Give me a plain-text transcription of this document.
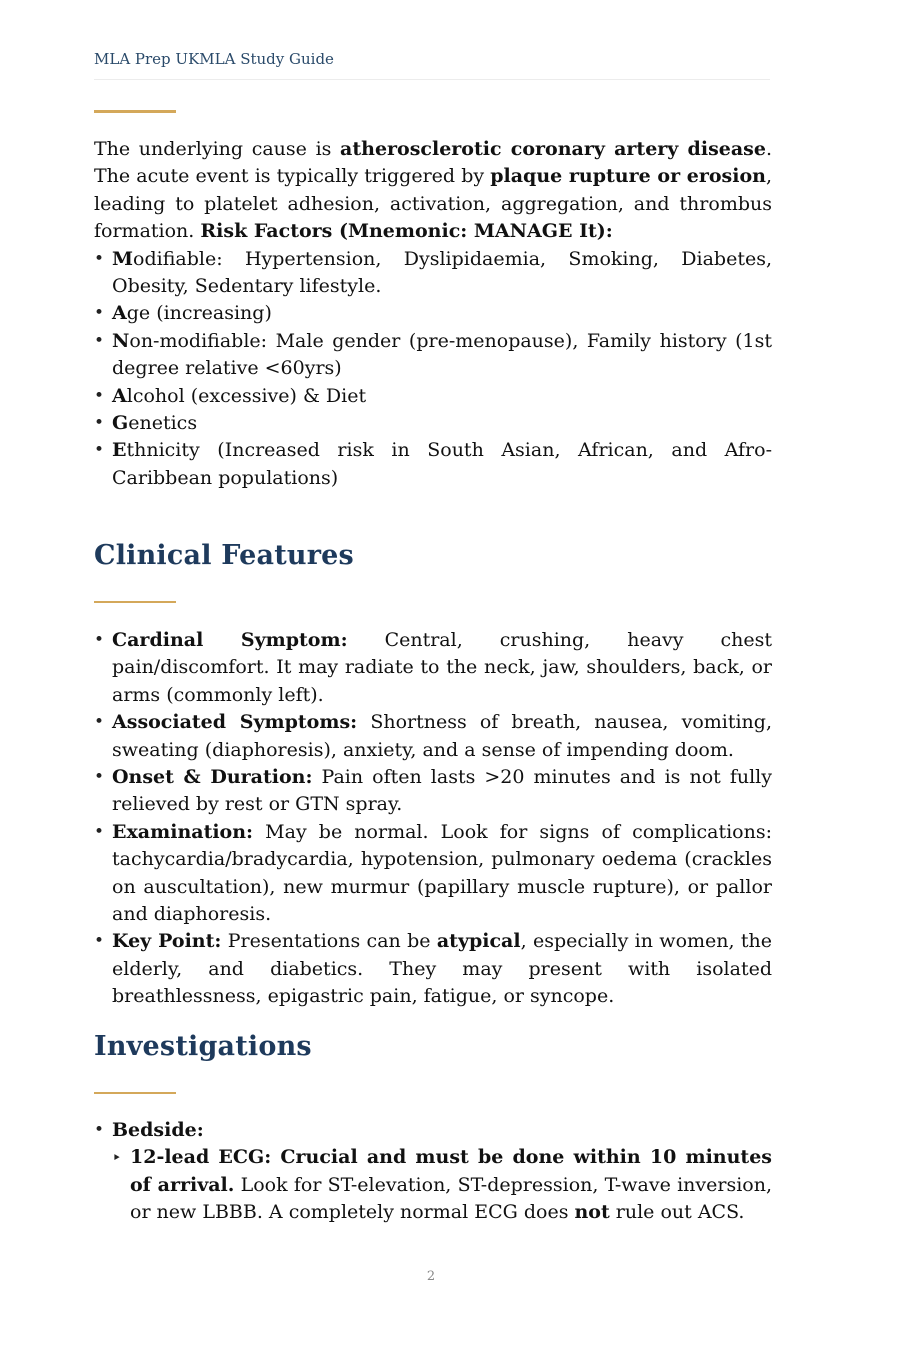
MLA Prep UKMLA Study Guide
The underlying cause is atherosclerotic coronary artery disease. The acute event is typically triggered by plaque rupture or erosion, leading to platelet adhesion, activation, aggregation, and thrombus formation. Risk Factors (Mnemonic: MANAGE It):
• Modifiable: Hypertension, Dyslipidaemia, Smoking, Diabetes, Obesity, Sedentary lifestyle.
• Age (increasing)
• Non-modifiable: Male gender (pre-menopause), Family history (1st degree relative <60yrs)
• Alcohol (excessive) & Diet
• Genetics
• Ethnicity (Increased risk in South Asian, African, and Afro-Caribbean populations)
Clinical Features
• Cardinal Symptom: Central, crushing, heavy chest pain/discomfort. It may radiate to the neck, jaw, shoulders, back, or arms (commonly left).
• Associated Symptoms: Shortness of breath, nausea, vomiting, sweating (diaphoresis), anxiety, and a sense of impending doom.
• Onset & Duration: Pain often lasts >20 minutes and is not fully relieved by rest or GTN spray.
• Examination: May be normal. Look for signs of complications: tachycardia/bradycardia, hypotension, pulmonary oedema (crackles on auscultation), new murmur (papillary muscle rupture), or pallor and diaphoresis.
• Key Point: Presentations can be atypical, especially in women, the elderly, and diabetics. They may present with isolated breathlessness, epigastric pain, fatigue, or syncope.
Investigations
• Bedside:
‣ 12-lead ECG: Crucial and must be done within 10 minutes of arrival. Look for ST-elevation, ST-depression, T-wave inversion, or new LBBB. A completely normal ECG does not rule out ACS.
2
